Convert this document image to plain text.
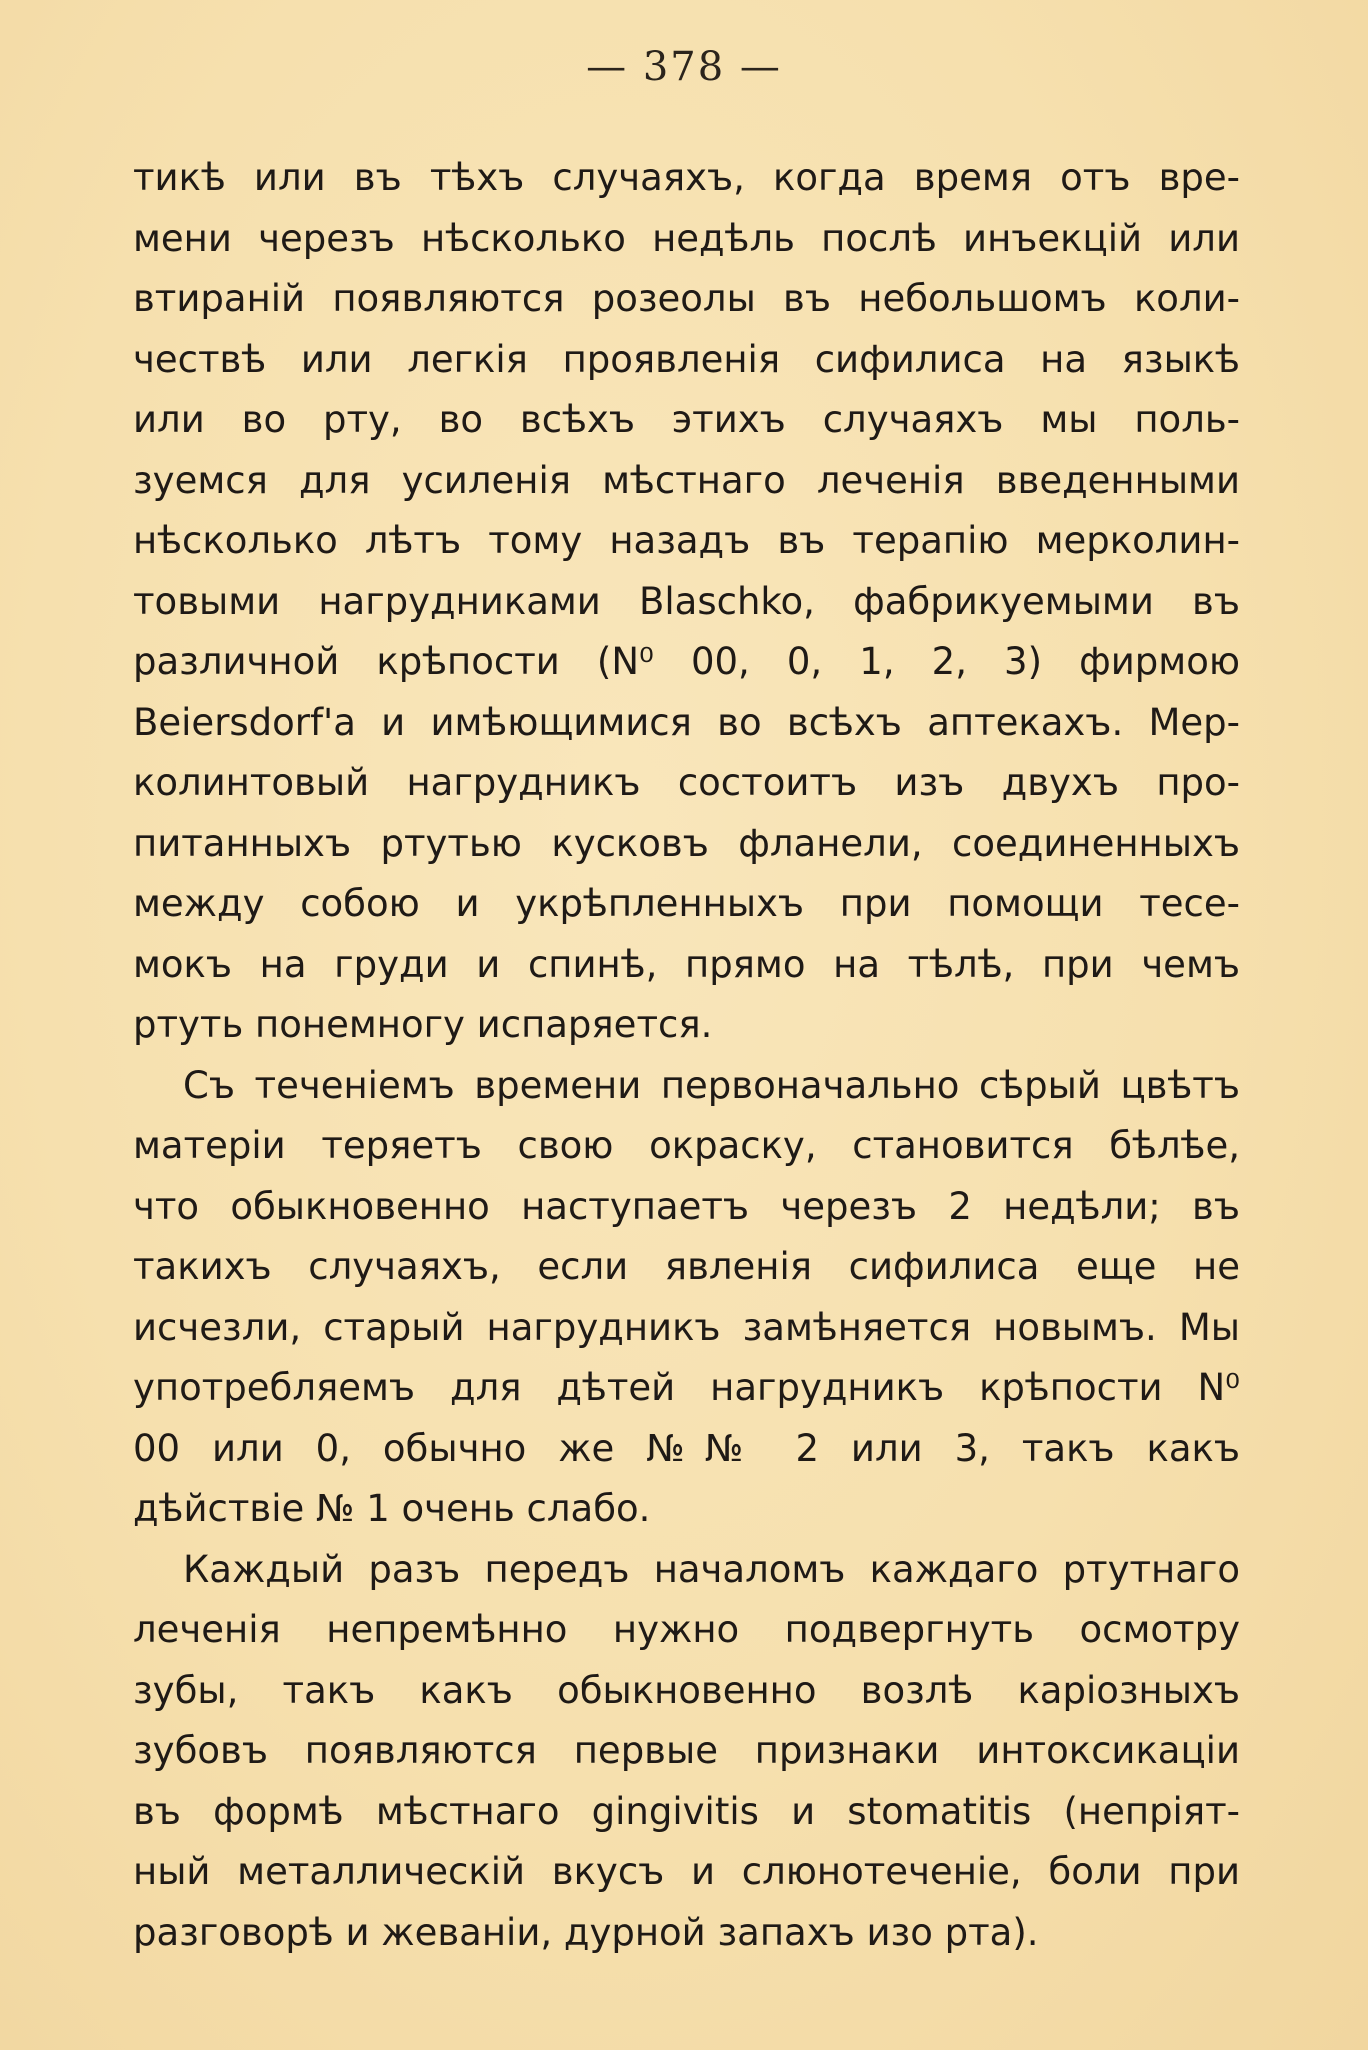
— 378 —
тикѣ или въ тѣхъ случаяхъ, когда время отъ вре-
мени черезъ нѣсколько недѣль послѣ инъекцій или
втираній появляются розеолы въ небольшомъ коли-
чествѣ или легкія проявленія сифилиса на языкѣ
или во рту, во всѣхъ этихъ случаяхъ мы поль-
зуемся для усиленія мѣстнаго леченія введенными
нѣсколько лѣтъ тому назадъ въ терапію мерколин-
товыми нагрудниками Blaschko, фабрикуемыми въ
различной крѣпости (N⁰ 00, 0, 1, 2, 3) фирмою
Beiersdorf'a и имѣющимися во всѣхъ аптекахъ. Мер-
колинтовый нагрудникъ состоитъ изъ двухъ про-
питанныхъ ртутью кусковъ фланели, соединенныхъ
между собою и укрѣпленныхъ при помощи тесе-
мокъ на груди и спинѣ, прямо на тѣлѣ, при чемъ
ртуть понемногу испаряется.
Съ теченіемъ времени первоначально сѣрый цвѣтъ
матеріи теряетъ свою окраску, становится бѣлѣе,
что обыкновенно наступаетъ черезъ 2 недѣли; въ
такихъ случаяхъ, если явленія сифилиса еще не
исчезли, старый нагрудникъ замѣняется новымъ. Мы
употребляемъ для дѣтей нагрудникъ крѣпости N⁰
00 или 0, обычно же №№ 2 или 3, такъ какъ
дѣйствіе № 1 очень слабо.
Каждый разъ передъ началомъ каждаго ртутнаго
леченія непремѣнно нужно подвергнуть осмотру
зубы, такъ какъ обыкновенно возлѣ каріозныхъ
зубовъ появляются первые признаки интоксикаціи
въ формѣ мѣстнаго gingivitis и stomatitis (непріят-
ный металлическій вкусъ и слюнотеченіе, боли при
разговорѣ и жеваніи, дурной запахъ изо рта).
